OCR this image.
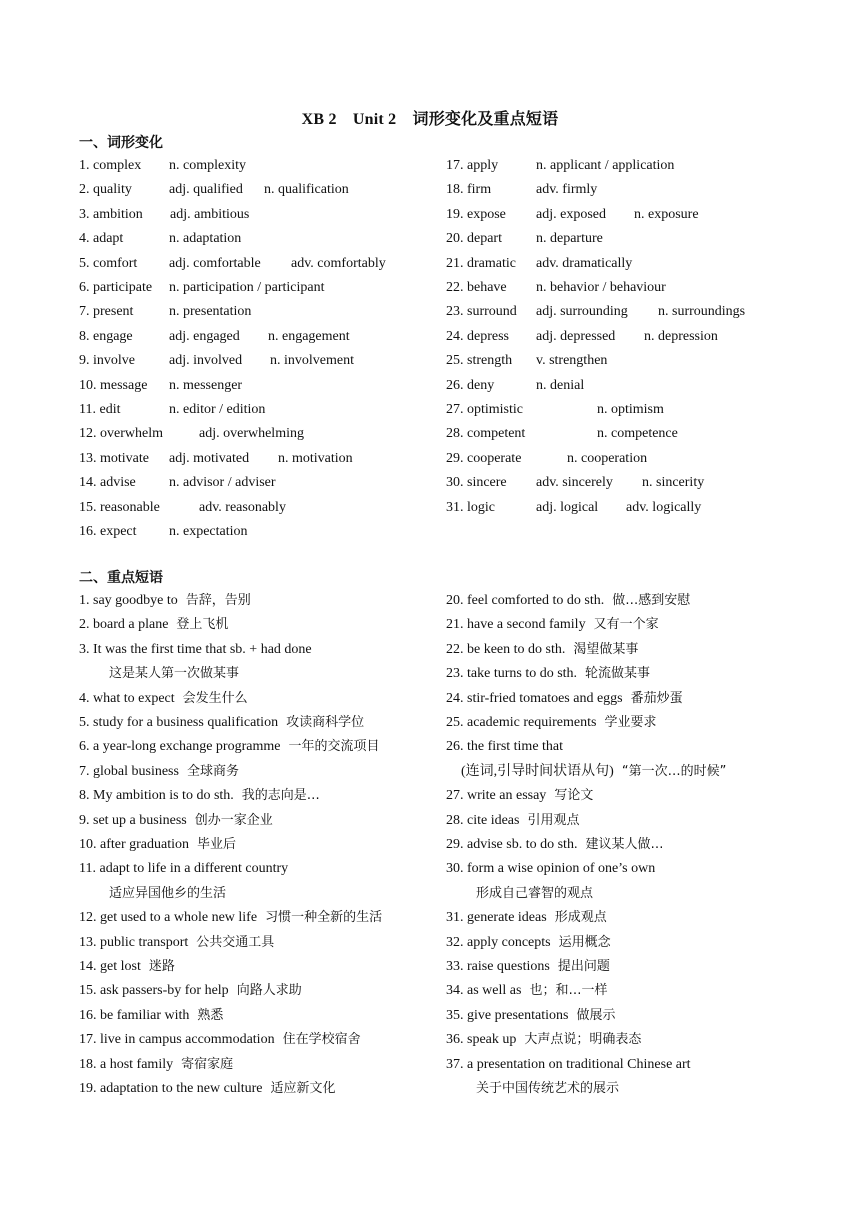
XB 2 Unit 2 词形变化及重点短语
一、词形变化
1. complex n. complexity
2. quality	adj. qualified n. qualification
3. ambition adj. ambitious
4. adapt	n. adaptation
5. comfort adj. comfortable adv. comfortably
6. participate n. participation / participant
7. present	n. presentation
8. engage	adj. engaged n. engagement
9. involve adj. involved n. involvement
10. message n. messenger
11. edit	n. editor / edition
12. overwhelm	adj. overwhelming
13. motivate adj. motivated n. motivation
14. advise n. advisor / adviser
15. reasonable	adv. reasonably
16. expect n. expectation
17. apply	n. applicant / application
18. firm	adv. firmly
19. expose adj. exposed n. exposure
20. depart n. departure
21. dramatic adv. dramatically
22. behave n. behavior / behaviour
23. surround adj. surrounding n. surroundings
24. depress adj. depressed n. depression
25. strength v. strengthen
26. deny	n. denial
27. optimistic	n. optimism
28. competent	n. competence
29. cooperate	n. cooperation
30. sincere adv. sincerely n. sincerity
31. logic	adj. logical adv. logically
二、重点短语
1. say goodbye to 告辞，告别
2. board a plane 登上飞机
3. It was the first time that sb. + had done
这是某人第一次做某事
4. what to expect 会发生什么
5. study for a business qualification 攻读商科学位
6. a year-long exchange programme 一年的交流项目
7. global business 全球商务
8. My ambition is to do sth. 我的志向是…
9. set up a business 创办一家企业
10. after graduation 毕业后
11. adapt to life in a different country
适应异国他乡的生活
12. get used to a whole new life 习惯一种全新的生活
13. public transport 公共交通工具
14. get lost 迷路
15. ask passers-by for help 向路人求助
16. be familiar with 熟悉
17. live in campus accommodation 住在学校宿舍
18. a host family 寄宿家庭
19. adaptation to the new culture 适应新文化
20. feel comforted to do sth. 做…感到安慰
21. have a second family 又有一个家
22. be keen to do sth. 渴望做某事
23. take turns to do sth. 轮流做某事
24. stir-fried tomatoes and eggs 番茄炒蛋
25. academic requirements 学业要求
26. the first time that
(连词,引导时间状语从句) “第一次…的时候”
27. write an essay 写论文
28. cite ideas 引用观点
29. advise sb. to do sth. 建议某人做…
30. form a wise opinion of one’s own
形成自己睿智的观点
31. generate ideas 形成观点
32. apply concepts 运用概念
33. raise questions 提出问题
34. as well as 也；和…一样
35. give presentations 做展示
36. speak up 大声点说；明确表态
37. a presentation on traditional Chinese art
关于中国传统艺术的展示
